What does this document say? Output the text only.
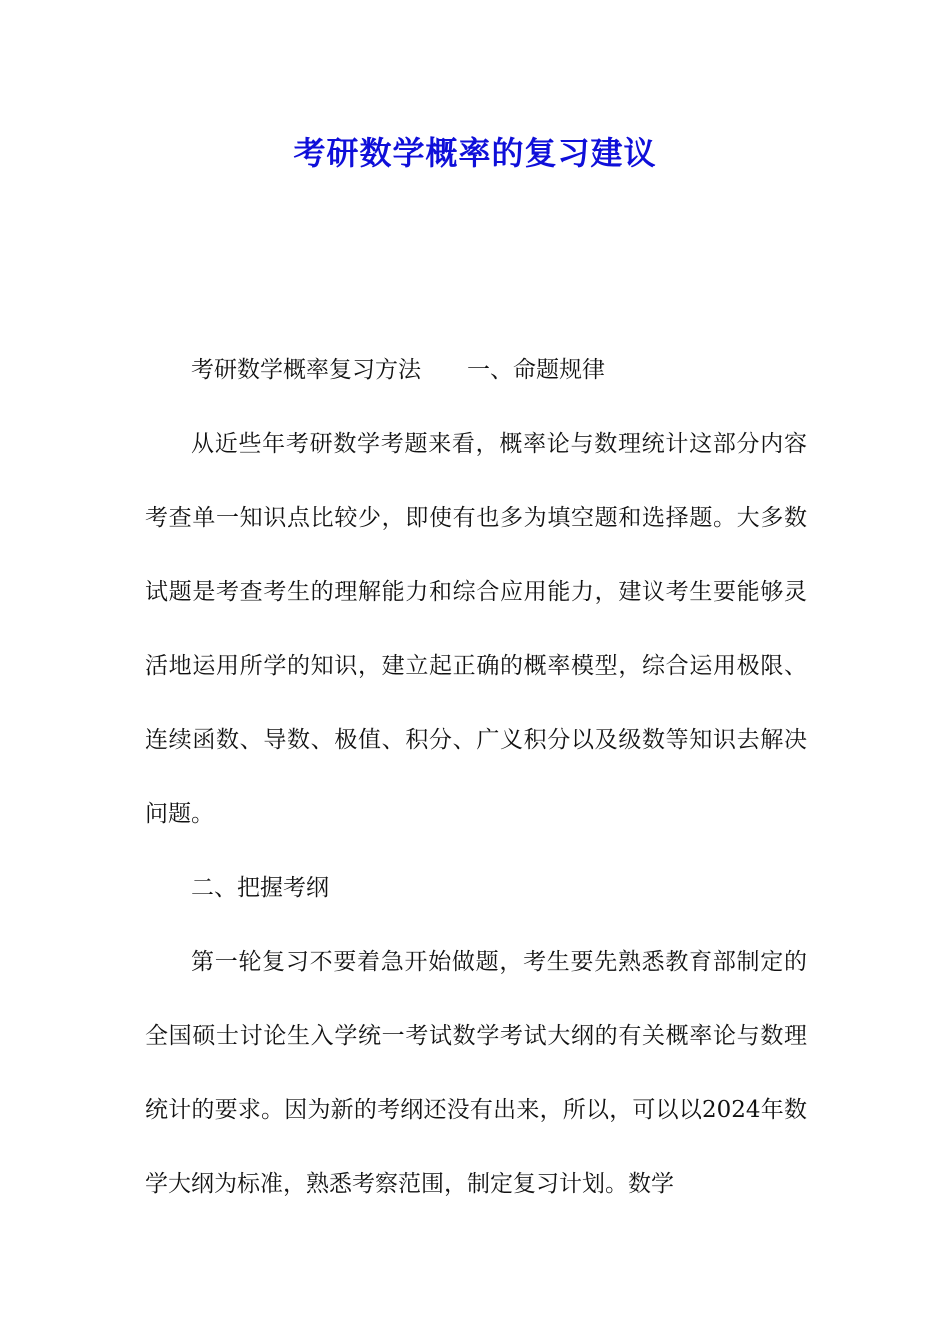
考研数学概率的复习建议

考研数学概率复习方法 一、命题规律

从近些年考研数学考题来看，概率论与数理统计这部分内容考查单一知识点比较少，即使有也多为填空题和选择题。大多数试题是考查考生的理解能力和综合应用能力，建议考生要能够灵活地运用所学的知识，建立起正确的概率模型，综合运用极限、连续函数、导数、极值、积分、广义积分以及级数等知识去解决问题。

二、把握考纲

第一轮复习不要着急开始做题，考生要先熟悉教育部制定的全国硕士讨论生入学统一考试数学考试大纲的有关概率论与数理统计的要求。因为新的考纲还没有出来，所以，可以以2024年数学大纲为标准，熟悉考察范围，制定复习计划。数学
